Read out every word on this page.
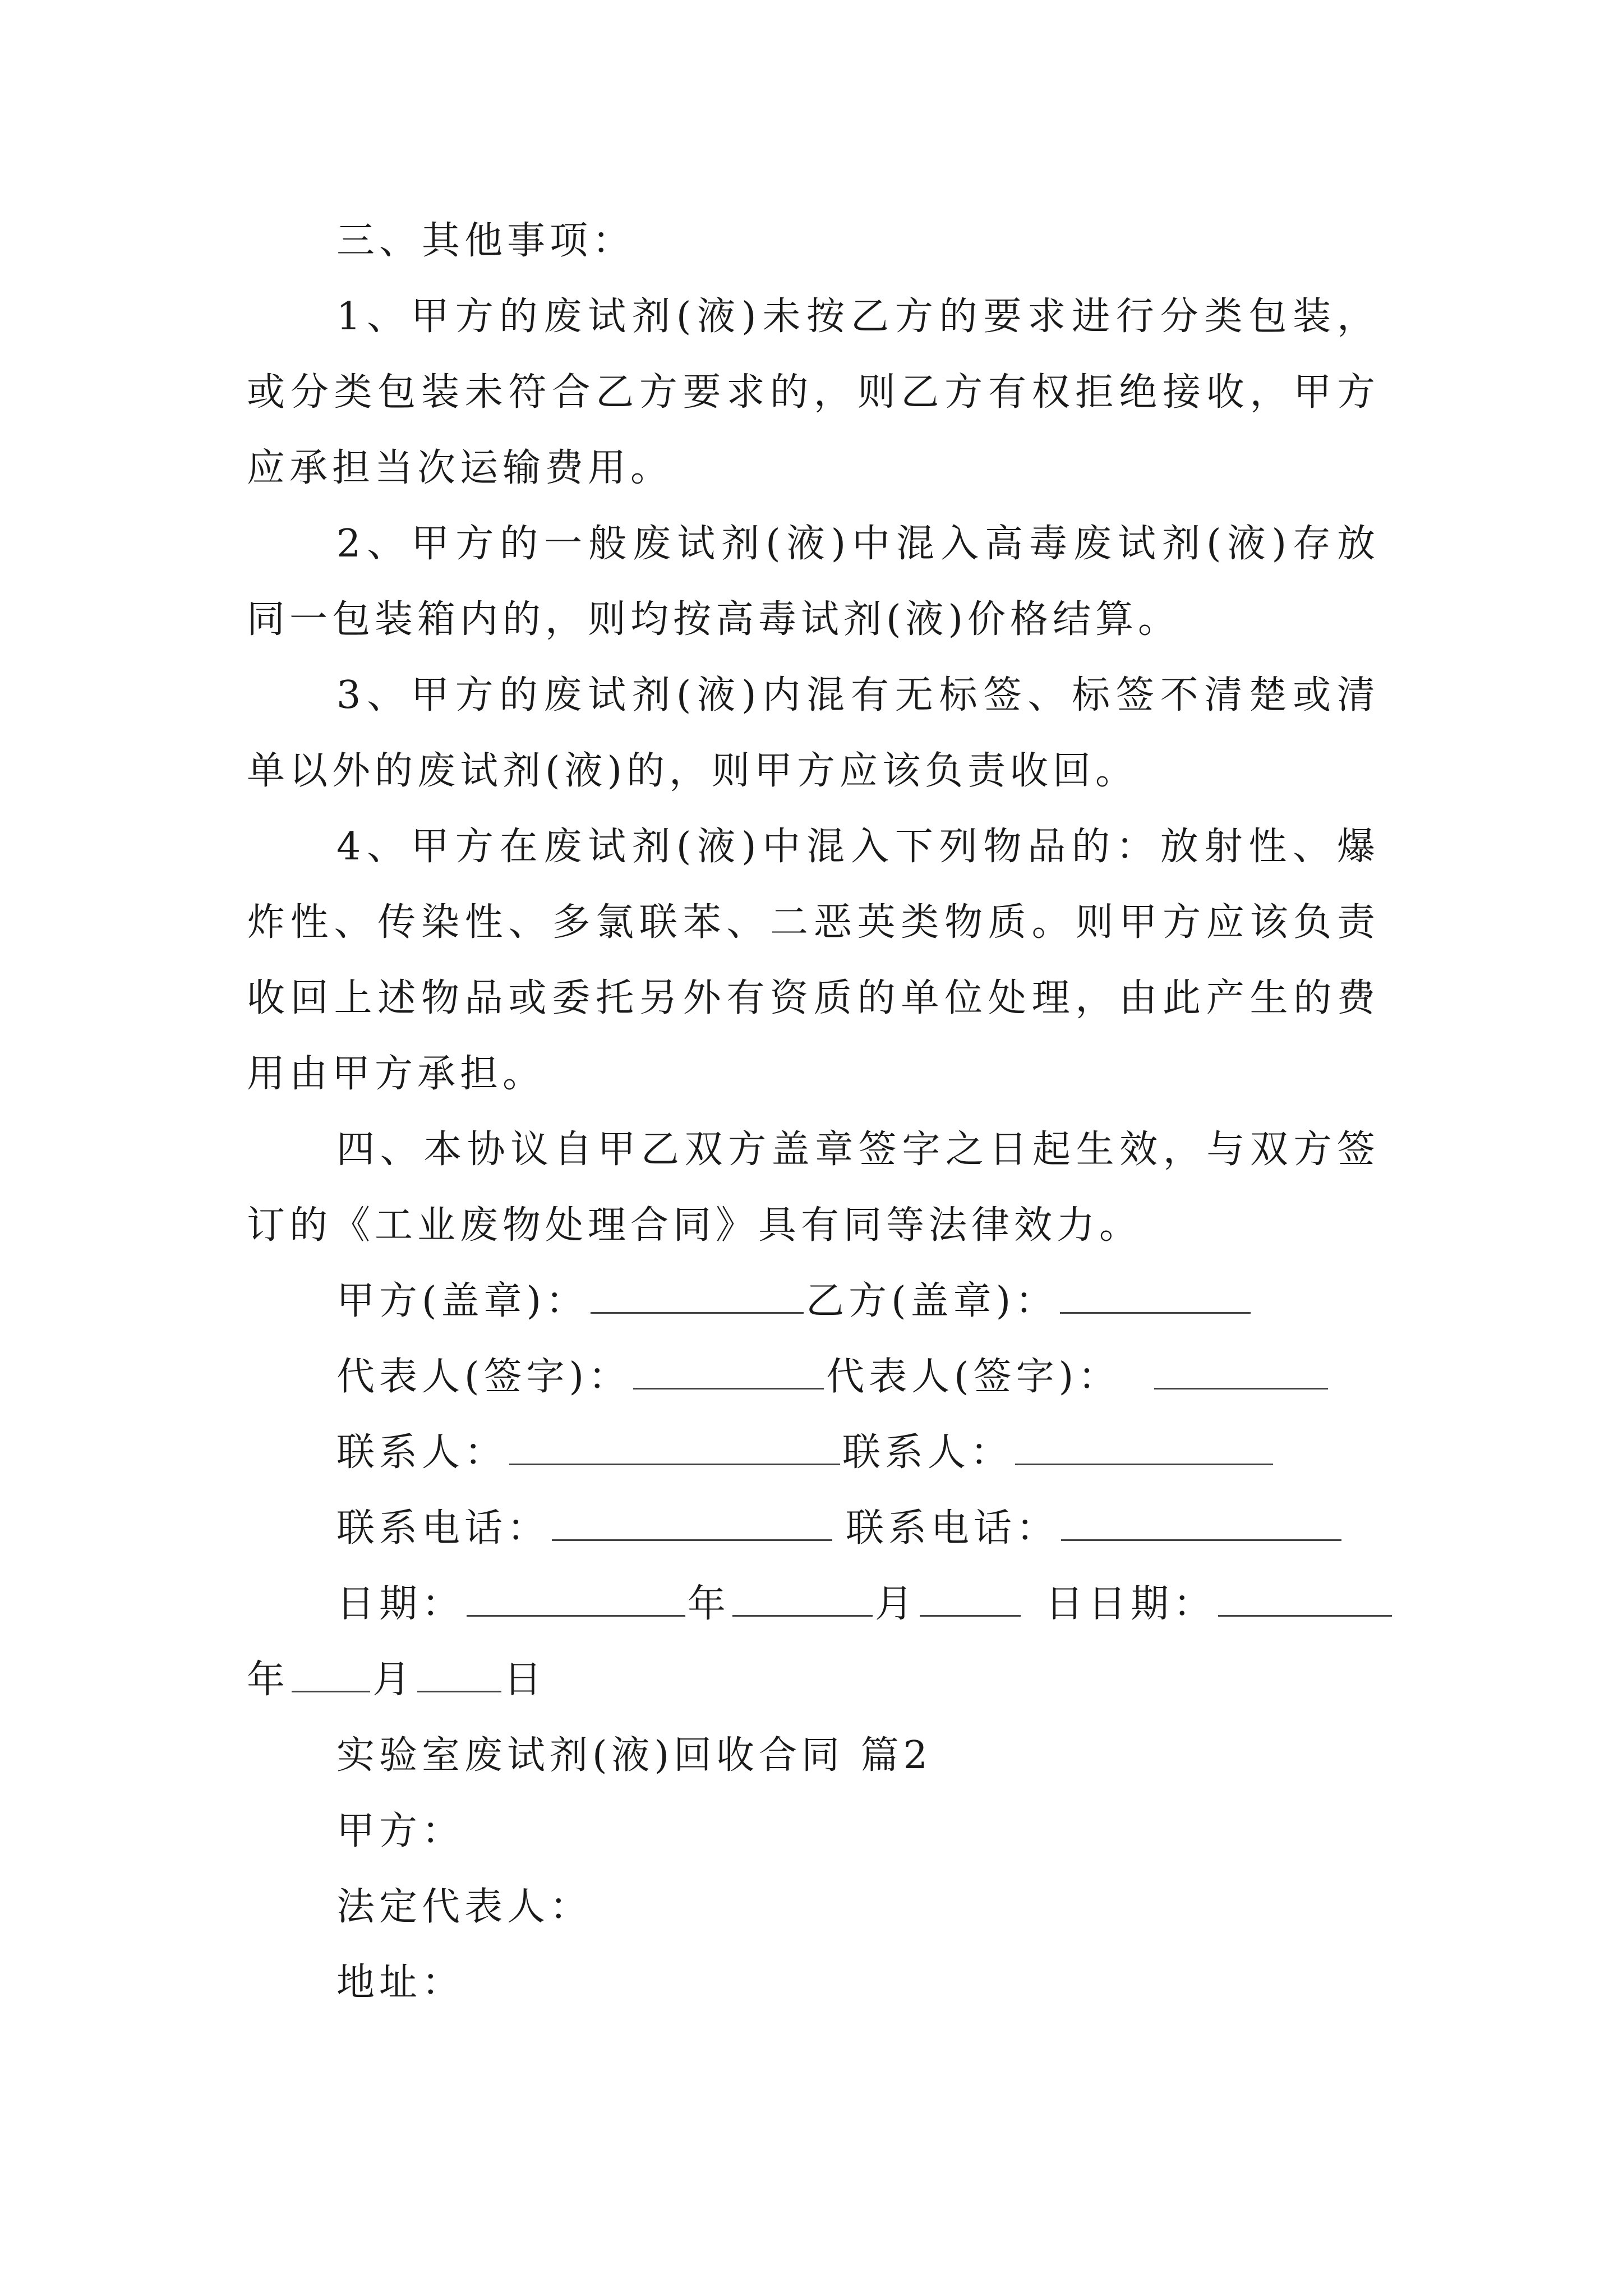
三、其他事项：
1、甲方的废试剂(液)未按乙方的要求进行分类包装，
或分类包装未符合乙方要求的，则乙方有权拒绝接收，甲方
应承担当次运输费用。
2、甲方的一般废试剂(液)中混入高毒废试剂(液)存放
同一包装箱内的，则均按高毒试剂(液)价格结算。
3、甲方的废试剂(液)内混有无标签、标签不清楚或清
单以外的废试剂(液)的，则甲方应该负责收回。
4、甲方在废试剂(液)中混入下列物品的：放射性、爆
炸性、传染性、多氯联苯、二恶英类物质。则甲方应该负责
收回上述物品或委托另外有资质的单位处理，由此产生的费
用由甲方承担。
四、本协议自甲乙双方盖章签字之日起生效，与双方签
订的《工业废物处理合同》具有同等法律效力。
甲方(盖章)：	乙方(盖章)：
代表人(签字)：	代表人(签字)：
联系人：	联系人：
联系电话：	联系电话：
日期：	年	月	日日期：
年 月 日
实验室废试剂(液)回收合同 篇2
甲方：
法定代表人：
地址：
